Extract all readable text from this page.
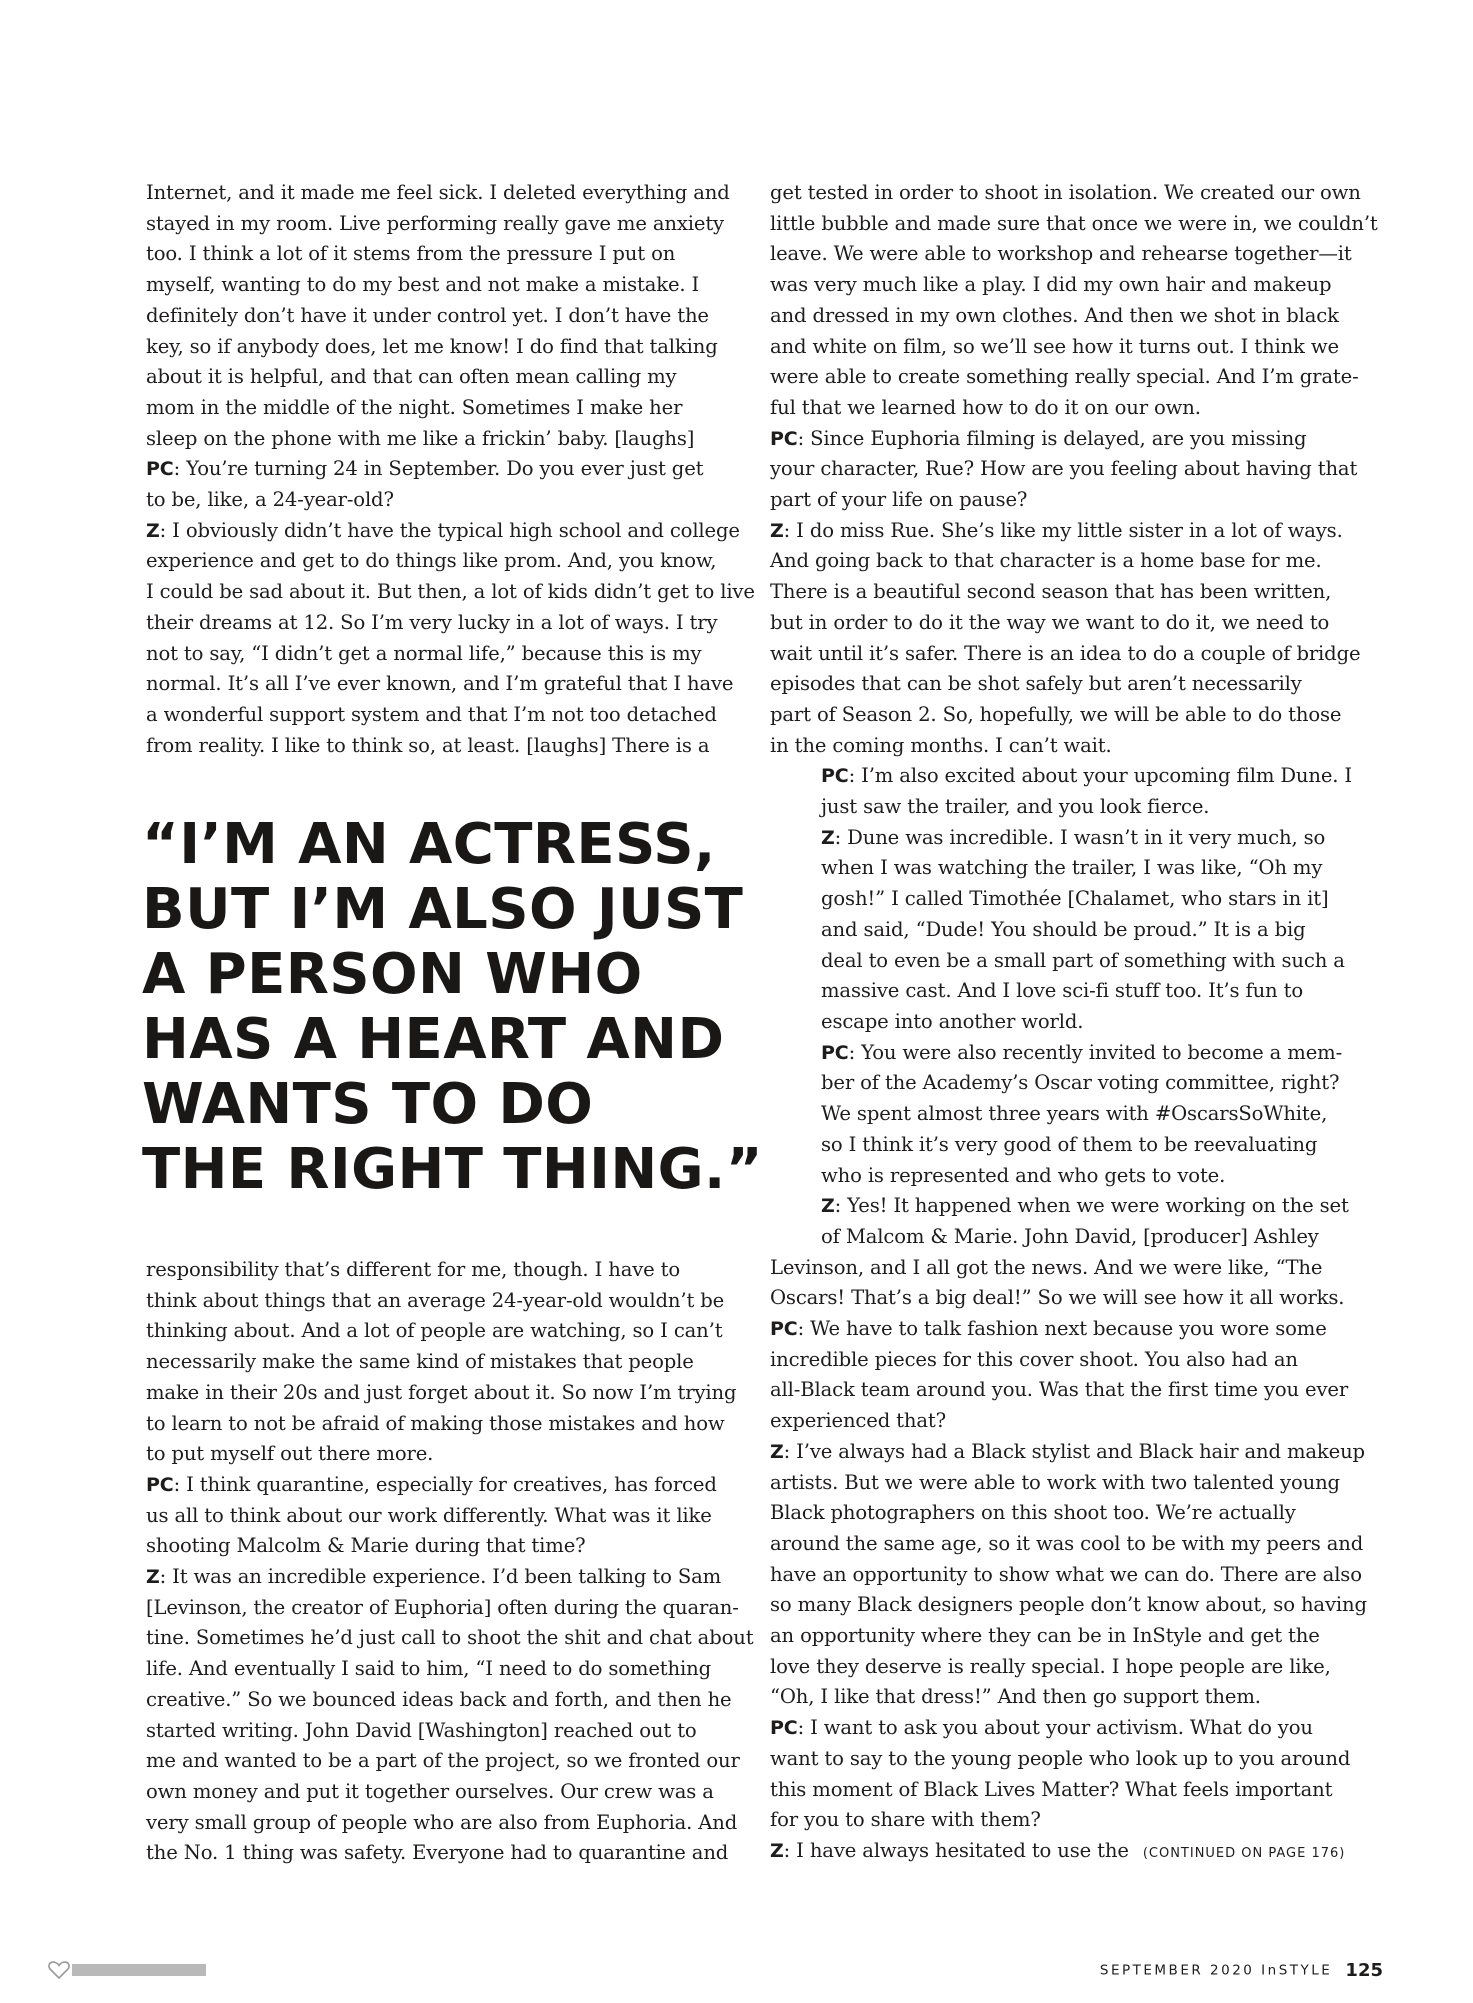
Internet, and it made me feel sick. I deleted everything and

stayed in my room. Live performing really gave me anxiety

too. I think a lot of it stems from the pressure I put on

myself, wanting to do my best and not make a mistake. I

definitely don’t have it under control yet. I don’t have the

key, so if anybody does, let me know! I do find that talking

about it is helpful, and that can often mean calling my

mom in the middle of the night. Sometimes I make her

sleep on the phone with me like a frickin’ baby. [laughs]

PC: You’re turning 24 in September. Do you ever just get

to be, like, a 24-year-old?

Z: I obviously didn’t have the typical high school and college

experience and get to do things like prom. And, you know,

I could be sad about it. But then, a lot of kids didn’t get to live

their dreams at 12. So I’m very lucky in a lot of ways. I try

not to say, “I didn’t get a normal life,” because this is my

normal. It’s all I’ve ever known, and I’m grateful that I have

a wonderful support system and that I’m not too detached

from reality. I like to think so, at least. [laughs] There is a

“I’M AN ACTRESS,
BUT I’M ALSO JUST
A PERSON WHO
HAS A HEART AND
WANTS TO DO
THE RIGHT THING.”

responsibility that’s different for me, though. I have to

think about things that an average 24-year-old wouldn’t be

thinking about. And a lot of people are watching, so I can’t

necessarily make the same kind of mistakes that people

make in their 20s and just forget about it. So now I’m trying

to learn to not be afraid of making those mistakes and how

to put myself out there more.

PC: I think quarantine, especially for creatives, has forced

us all to think about our work differently. What was it like

shooting Malcolm & Marie during that time?

Z: It was an incredible experience. I’d been talking to Sam

[Levinson, the creator of Euphoria] often during the quaran-

tine. Sometimes he’d just call to shoot the shit and chat about

life. And eventually I said to him, “I need to do something

creative.” So we bounced ideas back and forth, and then he

started writing. John David [Washington] reached out to

me and wanted to be a part of the project, so we fronted our

own money and put it together ourselves. Our crew was a

very small group of people who are also from Euphoria. And

the No. 1 thing was safety. Everyone had to quarantine and

get tested in order to shoot in isolation. We created our own

little bubble and made sure that once we were in, we couldn’t

leave. We were able to workshop and rehearse together—it

was very much like a play. I did my own hair and makeup

and dressed in my own clothes. And then we shot in black

and white on film, so we’ll see how it turns out. I think we

were able to create something really special. And I’m grate-

ful that we learned how to do it on our own.

PC: Since Euphoria filming is delayed, are you missing

your character, Rue? How are you feeling about having that

part of your life on pause?

Z: I do miss Rue. She’s like my little sister in a lot of ways.

And going back to that character is a home base for me.

There is a beautiful second season that has been written,

but in order to do it the way we want to do it, we need to

wait until it’s safer. There is an idea to do a couple of bridge

episodes that can be shot safely but aren’t necessarily

part of Season 2. So, hopefully, we will be able to do those

in the coming months. I can’t wait.

PC: I’m also excited about your upcoming film Dune. I

just saw the trailer, and you look fierce.

Z: Dune was incredible. I wasn’t in it very much, so

when I was watching the trailer, I was like, “Oh my

gosh!” I called Timothée [Chalamet, who stars in it]

and said, “Dude! You should be proud.” It is a big

deal to even be a small part of something with such a

massive cast. And I love sci-fi stuff too. It’s fun to

escape into another world.

PC: You were also recently invited to become a mem-

ber of the Academy’s Oscar voting committee, right?

We spent almost three years with #OscarsSoWhite,

so I think it’s very good of them to be reevaluating

who is represented and who gets to vote.

Z: Yes! It happened when we were working on the set

of Malcom & Marie. John David, [producer] Ashley

Levinson, and I all got the news. And we were like, “The

Oscars! That’s a big deal!” So we will see how it all works.

PC: We have to talk fashion next because you wore some

incredible pieces for this cover shoot. You also had an

all-Black team around you. Was that the first time you ever

experienced that?

Z: I’ve always had a Black stylist and Black hair and makeup

artists. But we were able to work with two talented young

Black photographers on this shoot too. We’re actually

around the same age, so it was cool to be with my peers and

have an opportunity to show what we can do. There are also

so many Black designers people don’t know about, so having

an opportunity where they can be in InStyle and get the

love they deserve is really special. I hope people are like,

“Oh, I like that dress!” And then go support them.

PC: I want to ask you about your activism. What do you

want to say to the young people who look up to you around

this moment of Black Lives Matter? What feels important

for you to share with them?

Z: I have always hesitated to use the (CONTINUED ON PAGE 176)

SEPTEMBER 2020 InSTYLE 125
